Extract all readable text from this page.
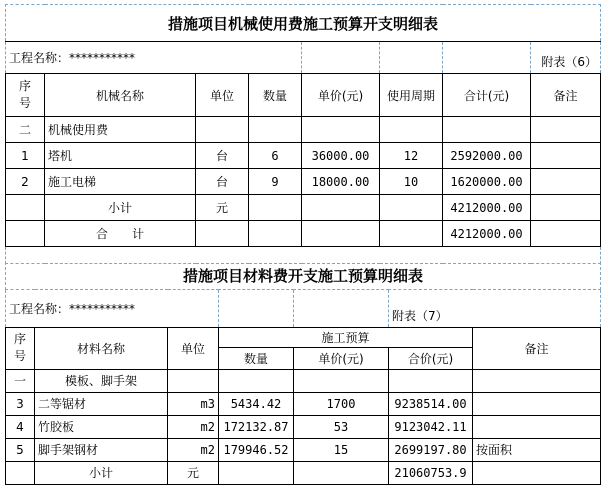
措施项目机械使用费施工预算开支明细表							
工程名称：***********							附表（6）
序号	机械名称	单位	数量	单价(元)	使用周期	合计(元)	备注
二	机械使用费						
1	塔机	台	6	36000.00	12	2592000.00	
2	施工电梯	台	9	18000.00	10	1620000.00	
	小计	元				4212000.00	
	合　　计					4212000.00	

措施项目材料费开支施工预算明细表						
工程名称：***********					附表（7）	
序号	材料名称	单位	施工预算			备注
			数量	单价(元)	合价(元)	
一	模板、脚手架					
3	二等锯材	m3	5434.42	1700	9238514.00	
4	竹胶板	m2	172132.87	53	9123042.11	
5	脚手架钢材	m2	179946.52	15	2699197.80	按面积
	小计	元			21060753.9	
